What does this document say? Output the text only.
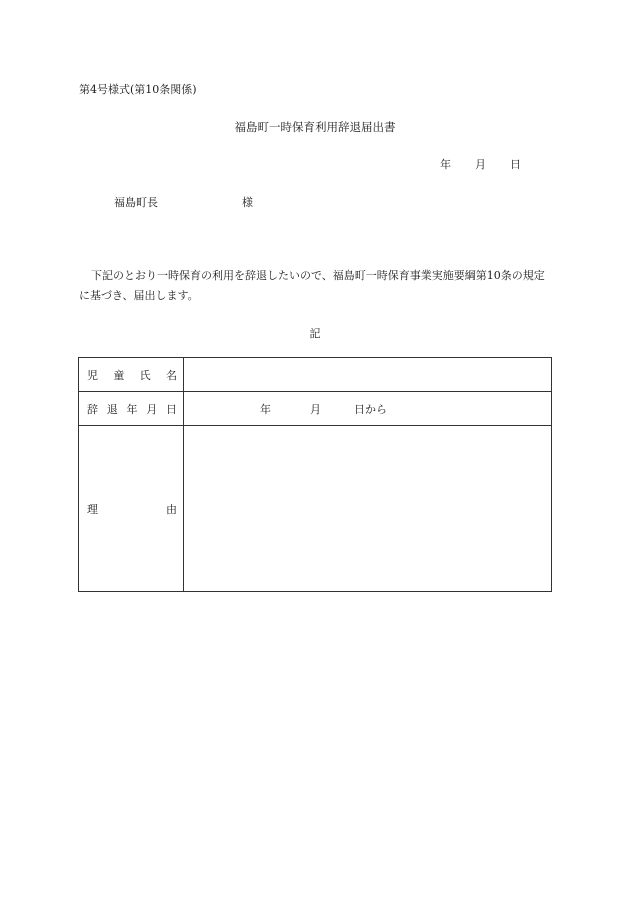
第4号様式(第10条関係)
福島町一時保育利用辞退届出書
年 月 日
福島町長	様
下記のとおり一時保育の利用を辞退したいので、福島町一時保育事業実施要綱第10条の規定に基づき、届出します。
記
児 童 氏 名	

辞 退 年 月 日	年 月 日から

理 由	
